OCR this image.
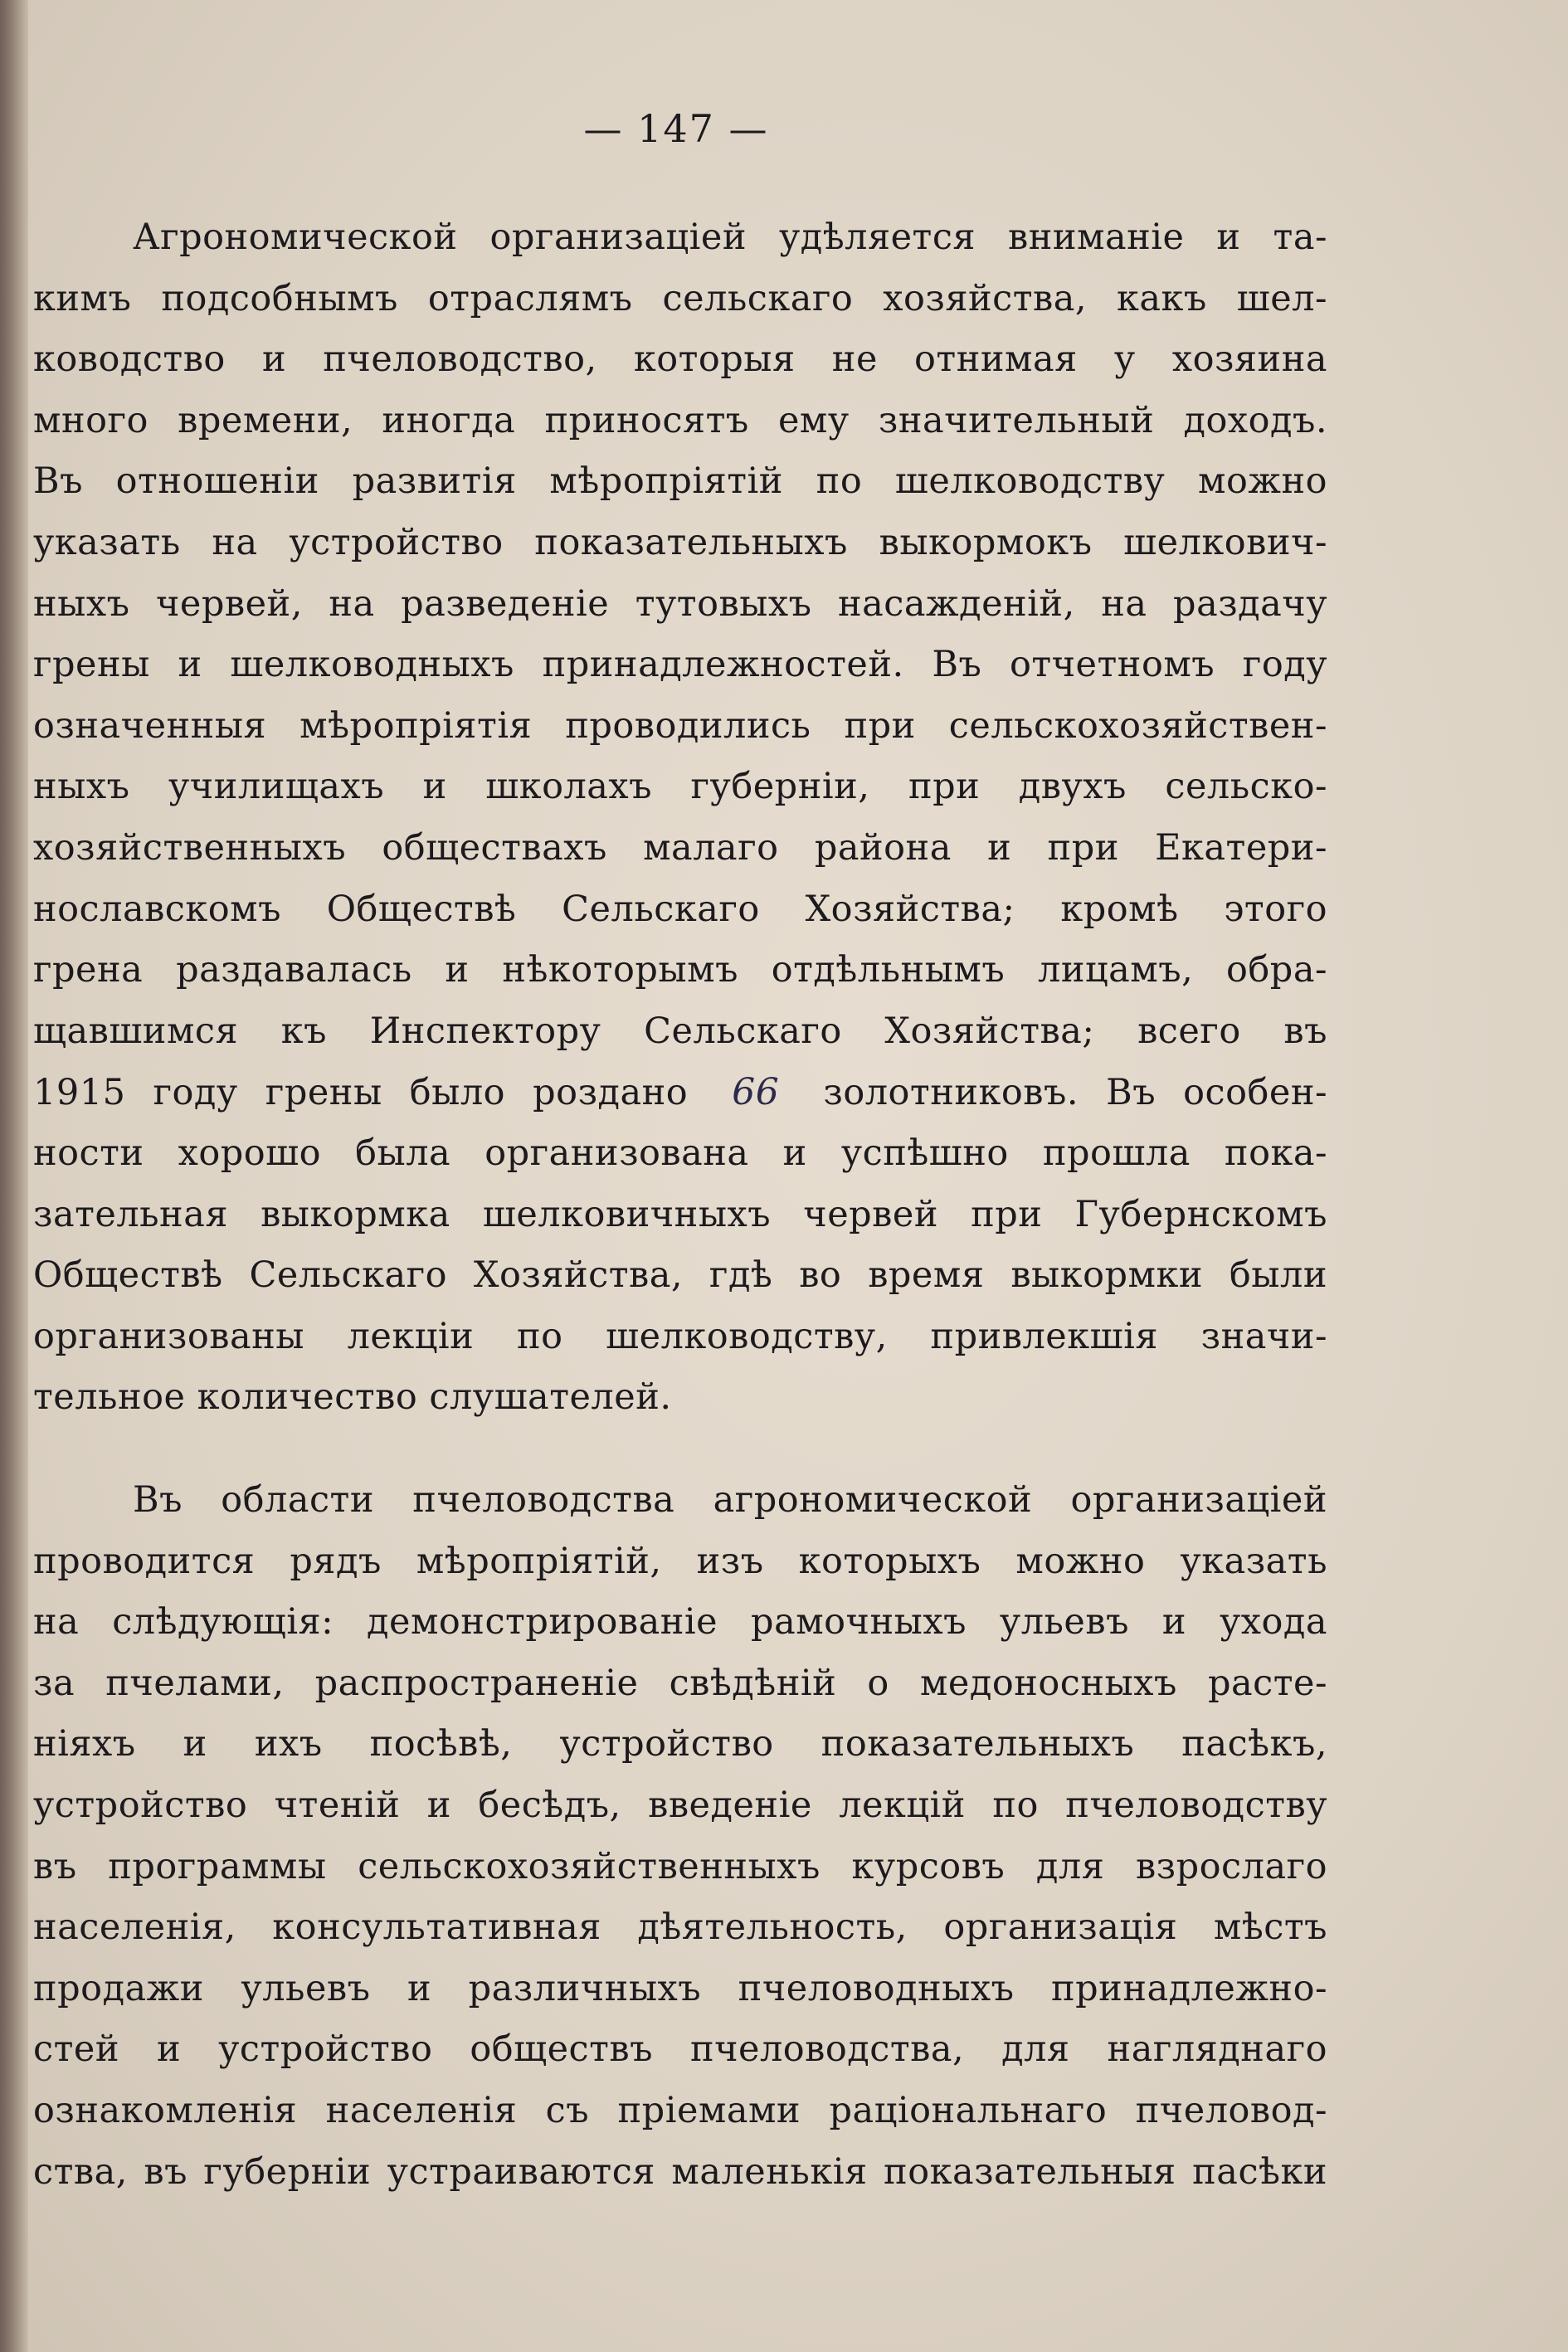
— 147 —
Агрономической организацiей удѣляется вниманiе и та-
кимъ подсобнымъ отраслямъ сельскаго хозяйства, какъ шел-
ководство и пчеловодство, которыя не отнимая у хозяина
много времени, иногда приносятъ ему значительный доходъ.
Въ отношенiи развитiя мѣропрiятiй по шелководству можно
указать на устройство показательныхъ выкормокъ шелкович-
ныхъ червей, на разведенiе тутовыхъ насажденiй, на раздачу
грены и шелководныхъ принадлежностей. Въ отчетномъ году
означенныя мѣропрiятiя проводились при сельскохозяйствен-
ныхъ училищахъ и школахъ губернiи, при двухъ сельско-
хозяйственныхъ обществахъ малаго района и при Екатери-
нославскомъ Обществѣ Сельскаго Хозяйства; кромѣ этого
грена раздавалась и нѣкоторымъ отдѣльнымъ лицамъ, обра-
щавшимся къ Инспектору Сельскаго Хозяйства; всего въ
1915 году грены было роздано 66 золотниковъ. Въ особен-
ности хорошо была организована и успѣшно прошла пока-
зательная выкормка шелковичныхъ червей при Губернскомъ
Обществѣ Сельскаго Хозяйства, гдѣ во время выкормки были
организованы лекцiи по шелководству, привлекшiя значи-
тельное количество слушателей.
Въ области пчеловодства агрономической организацiей
проводится рядъ мѣропрiятiй, изъ которыхъ можно указать
на слѣдующiя: демонстрированiе рамочныхъ ульевъ и ухода
за пчелами, распространенiе свѣдѣнiй о медоносныхъ расте-
нiяхъ и ихъ посѣвѣ, устройство показательныхъ пасѣкъ,
устройство чтенiй и бесѣдъ, введенiе лекцiй по пчеловодству
въ программы сельскохозяйственныхъ курсовъ для взрослаго
населенiя, консультативная дѣятельность, организацiя мѣстъ
продажи ульевъ и различныхъ пчеловодныхъ принадлежно-
стей и устройство обществъ пчеловодства, для нагляднаго
ознакомленiя населенiя съ прiемами рацiональнаго пчеловод-
ства, въ губернiи устраиваются маленькiя показательныя пасѣки
